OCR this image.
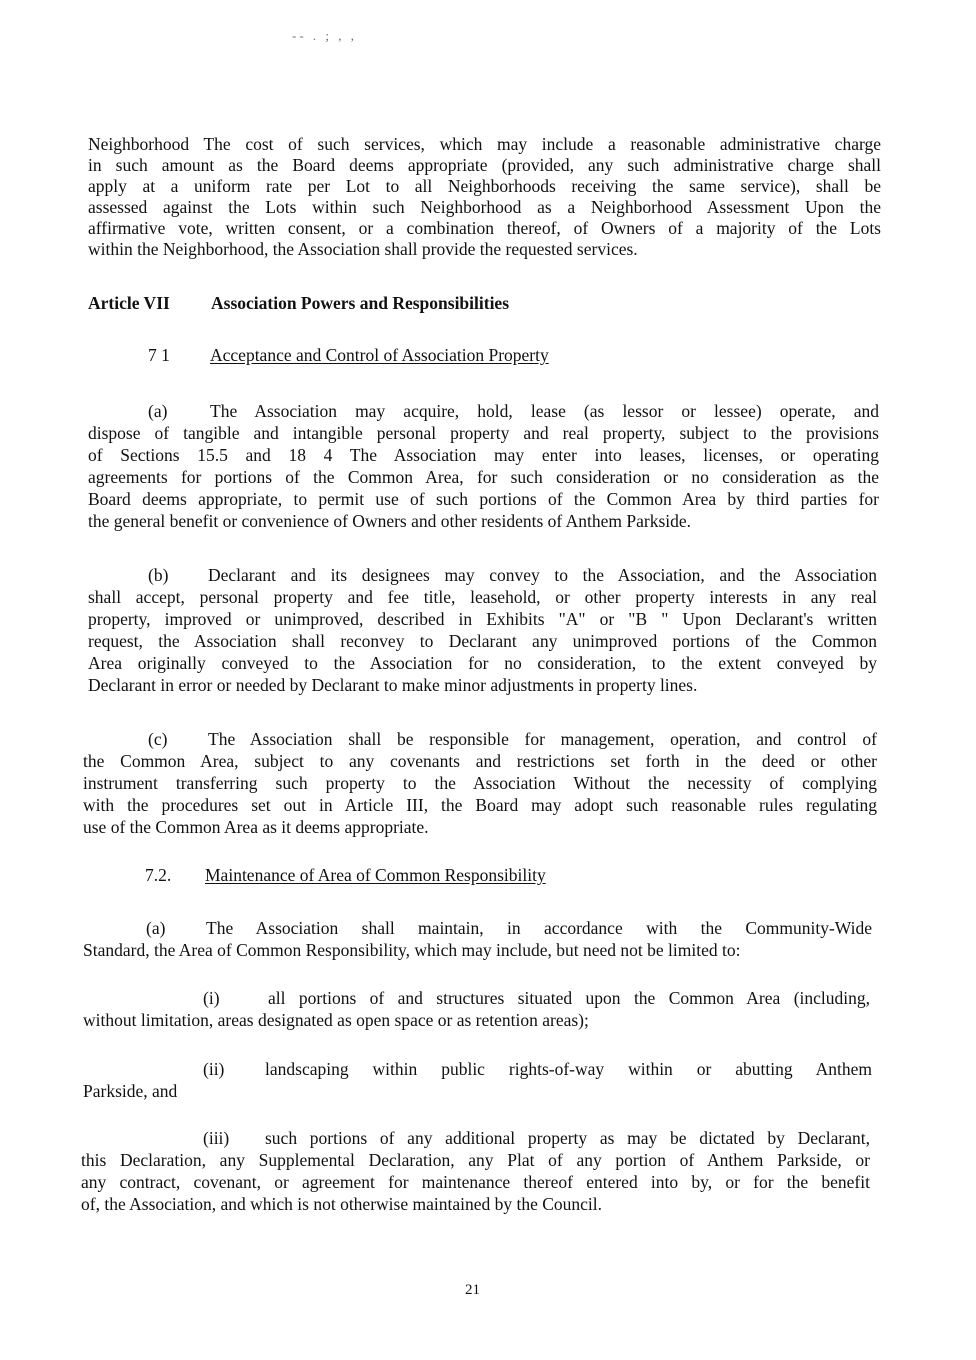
-- . ; , ,
Neighborhood The cost of such services, which may include a reasonable administrative charge
in such amount as the Board deems appropriate (provided, any such administrative charge shall
apply at a uniform rate per Lot to all Neighborhoods receiving the same service), shall be
assessed against the Lots within such Neighborhood as a Neighborhood Assessment Upon the
affirmative vote, written consent, or a combination thereof, of Owners of a majority of the Lots
within the Neighborhood, the Association shall provide the requested services.
Article VII Association Powers and Responsibilities
7 1 Acceptance and Control of Association Property
(a) The Association may acquire, hold, lease (as lessor or lessee) operate, and
dispose of tangible and intangible personal property and real property, subject to the provisions
of Sections 15.5 and 18 4 The Association may enter into leases, licenses, or operating
agreements for portions of the Common Area, for such consideration or no consideration as the
Board deems appropriate, to permit use of such portions of the Common Area by third parties for
the general benefit or convenience of Owners and other residents of Anthem Parkside.
(b) Declarant and its designees may convey to the Association, and the Association
shall accept, personal property and fee title, leasehold, or other property interests in any real
property, improved or unimproved, described in Exhibits "A" or "B " Upon Declarant's written
request, the Association shall reconvey to Declarant any unimproved portions of the Common
Area originally conveyed to the Association for no consideration, to the extent conveyed by
Declarant in error or needed by Declarant to make minor adjustments in property lines.
(c) The Association shall be responsible for management, operation, and control of
the Common Area, subject to any covenants and restrictions set forth in the deed or other
instrument transferring such property to the Association Without the necessity of complying
with the procedures set out in Article III, the Board may adopt such reasonable rules regulating
use of the Common Area as it deems appropriate.
7.2. Maintenance of Area of Common Responsibility
(a) The Association shall maintain, in accordance with the Community-Wide
Standard, the Area of Common Responsibility, which may include, but need not be limited to:
(i)	all portions of and structures situated upon the Common Area (including,
without limitation, areas designated as open space or as retention areas);
(ii) landscaping within public rights-of-way within or abutting Anthem
Parkside, and
(iii) such portions of any additional property as may be dictated by Declarant,
this Declaration, any Supplemental Declaration, any Plat of any portion of Anthem Parkside, or
any contract, covenant, or agreement for maintenance thereof entered into by, or for the benefit
of, the Association, and which is not otherwise maintained by the Council.
21
